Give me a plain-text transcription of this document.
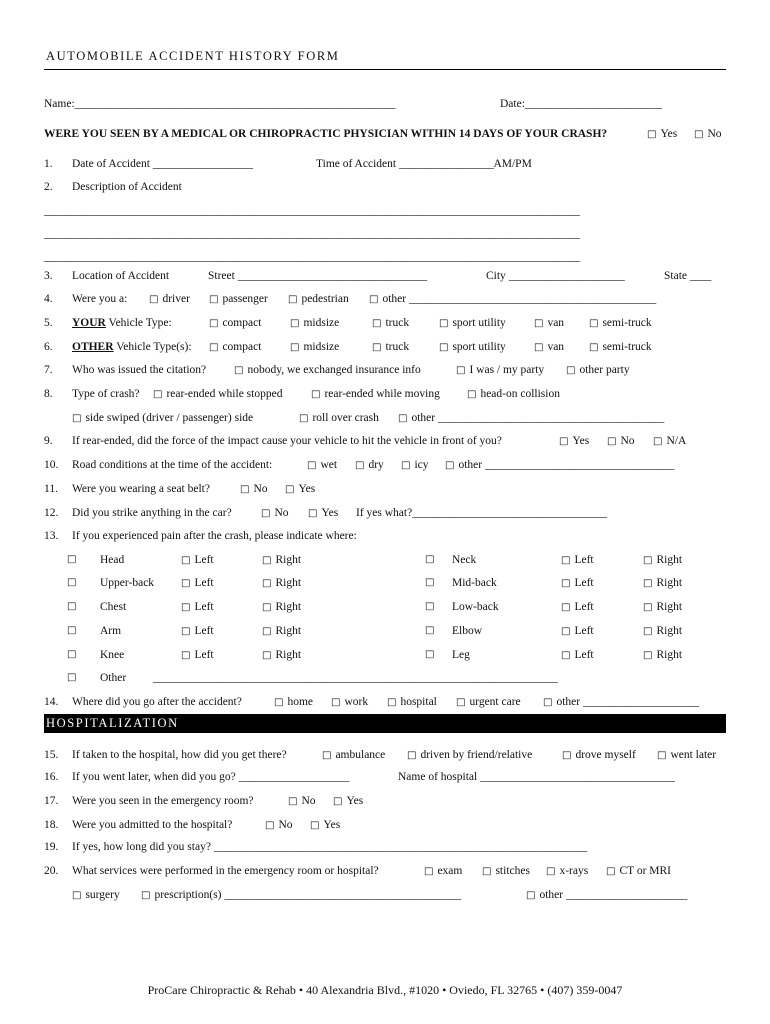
AUTOMOBILE ACCIDENT HISTORY FORM
Name:_____________________________________________________________	Date:__________________________
WERE YOU SEEN BY A MEDICAL OR CHIROPRACTIC PHYSICIAN WITHIN 14 DAYS OF YOUR CRASH?	□ Yes	□ No
1. Date of Accident ___________________	Time of Accident __________________AM/PM
2. Description of Accident
______________________________________________________________________________________________________
______________________________________________________________________________________________________
______________________________________________________________________________________________________
3. Location of Accident	Street ____________________________________	City ______________________	State ____
4. Were you a:	□ driver	□ passenger	□ pedestrian	□ other _______________________________________________
5. YOUR Vehicle Type:	□ compact	□ midsize	□ truck	□ sport utility	□ van	□ semi-truck
6. OTHER Vehicle Type(s):	□ compact	□ midsize	□ truck	□ sport utility	□ van	□ semi-truck
7. Who was issued the citation?	□ nobody, we exchanged insurance info	□ I was / my party	□ other party
8. Type of crash?	□ rear-ended while stopped	□ rear-ended while moving	□ head-on collision
□ side swiped (driver / passenger) side	□ roll over crash	□ other ___________________________________________
9. If rear-ended, did the force of the impact cause your vehicle to hit the vehicle in front of you?	□ Yes	□ No	□ N/A
10. Road conditions at the time of the accident:	□ wet	□ dry	□ icy	□ other ____________________________________
11. Were you wearing a seat belt?	□ No	□ Yes
12. Did you strike anything in the car?	□ No	□ Yes If yes what?_____________________________________
13. If you experienced pain after the crash, please indicate where:
□ Head	□ Left	□ Right	□ Neck	□ Left	□ Right
□ Upper-back	□ Left	□ Right	□ Mid-back	□ Left	□ Right
□ Chest	□ Left	□ Right	□ Low-back	□ Left	□ Right
□ Arm	□ Left	□ Right	□ Elbow	□ Left	□ Right
□ Knee	□ Left	□ Right	□ Leg	□ Left	□ Right
□ Other _____________________________________________________________________________
14. Where did you go after the accident?	□ home	□ work	□ hospital	□ urgent care	□ other ______________________
HOSPITALIZATION
15. If taken to the hospital, how did you get there?	□ ambulance	□ driven by friend/relative	□ drove myself	□ went later
16. If you went later, when did you go? _____________________	Name of hospital _____________________________________
17. Were you seen in the emergency room?	□ No	□ Yes
18. Were you admitted to the hospital?	□ No	□ Yes
19. If yes, how long did you stay? _______________________________________________________________________
20. What services were performed in the emergency room or hospital?	□ exam	□ stitches	□ x-rays	□ CT or MRI
□ surgery	□ prescription(s) _____________________________________________	□ other _______________________
ProCare Chiropractic & Rehab • 40 Alexandria Blvd., #1020 • Oviedo, FL 32765 • (407) 359-0047
